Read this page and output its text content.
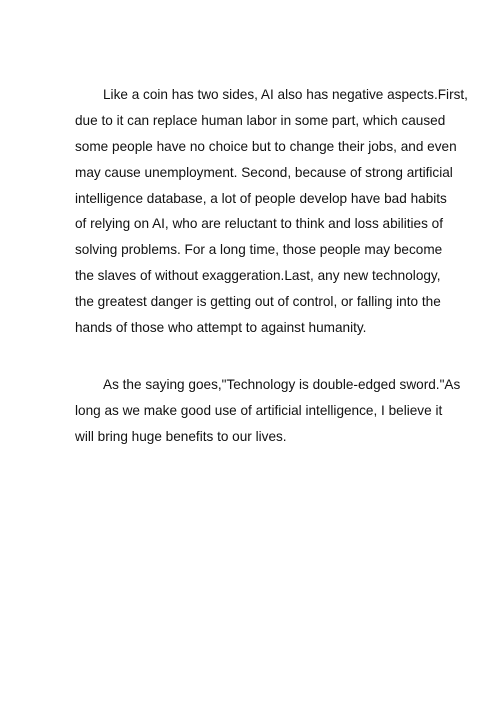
Like a coin has two sides, AI also has negative aspects.First,
due to it can replace human labor in some part, which caused
some people have no choice but to change their jobs, and even
may cause unemployment. Second, because of strong artificial
intelligence database, a lot of people develop have bad habits
of relying on AI, who are reluctant to think and loss abilities of
solving problems. For a long time, those people may become
the slaves of without exaggeration.Last, any new technology,
the greatest danger is getting out of control, or falling into the
hands of those who attempt to against humanity.
As the saying goes,"Technology is double-edged sword."As
long as we make good use of artificial intelligence, I believe it
will bring huge benefits to our lives.
